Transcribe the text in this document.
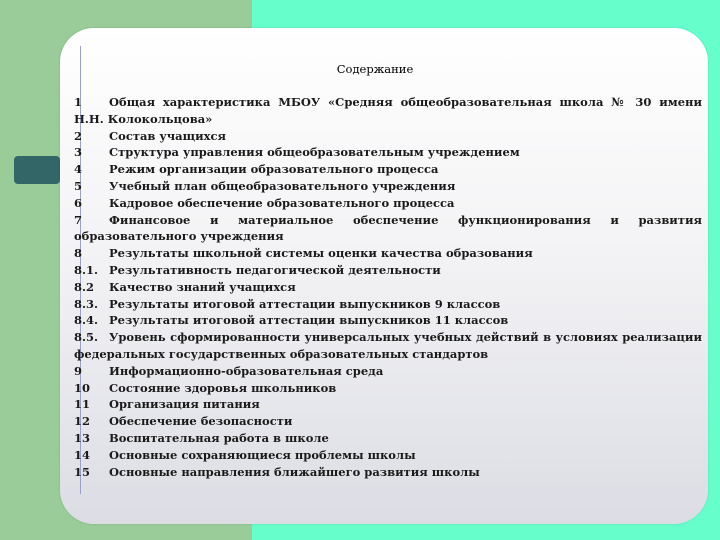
Содержание
1	Общая характеристика МБОУ «Средняя общеобразовательная школа № 30 имени
Н.Н. Колокольцова»
2	Состав учащихся
3	Структура управления общеобразовательным учреждением
4	Режим организации образовательного процесса
5	Учебный план общеобразовательного учреждения
6	Кадровое обеспечение образовательного процесса
7	Финансовое и материальное обеспечение функционирования и развития
образовательного учреждения
8	Результаты школьной системы оценки качества образования
8.1. Результативность педагогической деятельности
8.2	Качество знаний учащихся
8.3. Результаты итоговой аттестации выпускников 9 классов
8.4. Результаты итоговой аттестации выпускников 11 классов
8.5. Уровень сформированности универсальных учебных действий в условиях реализации
федеральных государственных образовательных стандартов
9	Информационно-образовательная среда
10	Состояние здоровья школьников
11	Организация питания
12	Обеспечение безопасности
13	Воспитательная работа в школе
14	Основные сохраняющиеся проблемы школы
15	Основные направления ближайшего развития школы
